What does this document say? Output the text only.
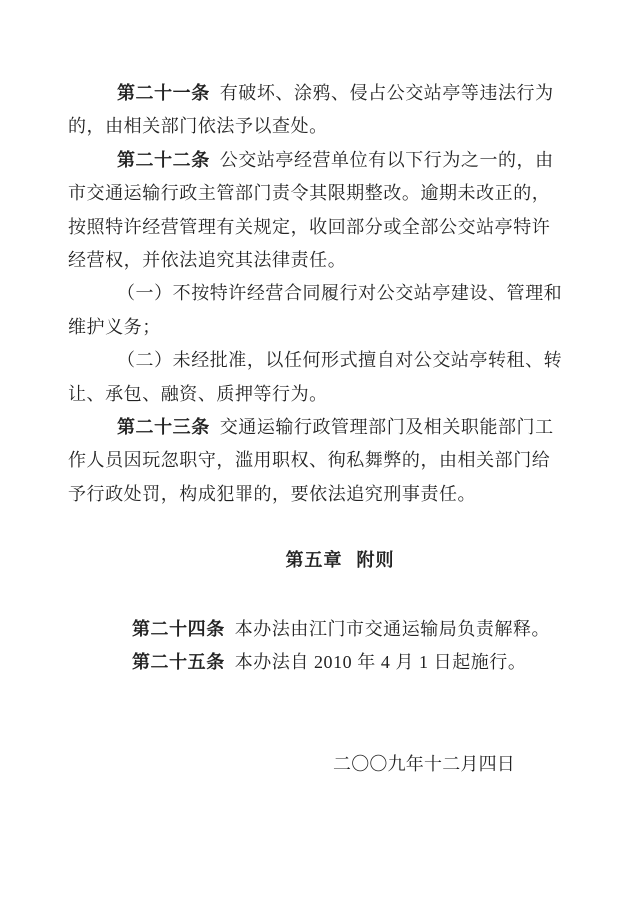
第二十一条 有破坏、涂鸦、侵占公交站亭等违法行为

的，由相关部门依法予以查处。

第二十二条 公交站亭经营单位有以下行为之一的，由

市交通运输行政主管部门责令其限期整改。逾期未改正的，

按照特许经营管理有关规定，收回部分或全部公交站亭特许

经营权，并依法追究其法律责任。

（一）不按特许经营合同履行对公交站亭建设、管理和

维护义务；

（二）未经批准，以任何形式擅自对公交站亭转租、转

让、承包、融资、质押等行为。

第二十三条 交通运输行政管理部门及相关职能部门工

作人员因玩忽职守，滥用职权、徇私舞弊的，由相关部门给

予行政处罚，构成犯罪的，要依法追究刑事责任。

第五章 附则

第二十四条 本办法由江门市交通运输局负责解释。

第二十五条 本办法自 2010 年 4 月 1 日起施行。

二〇〇九年十二月四日
